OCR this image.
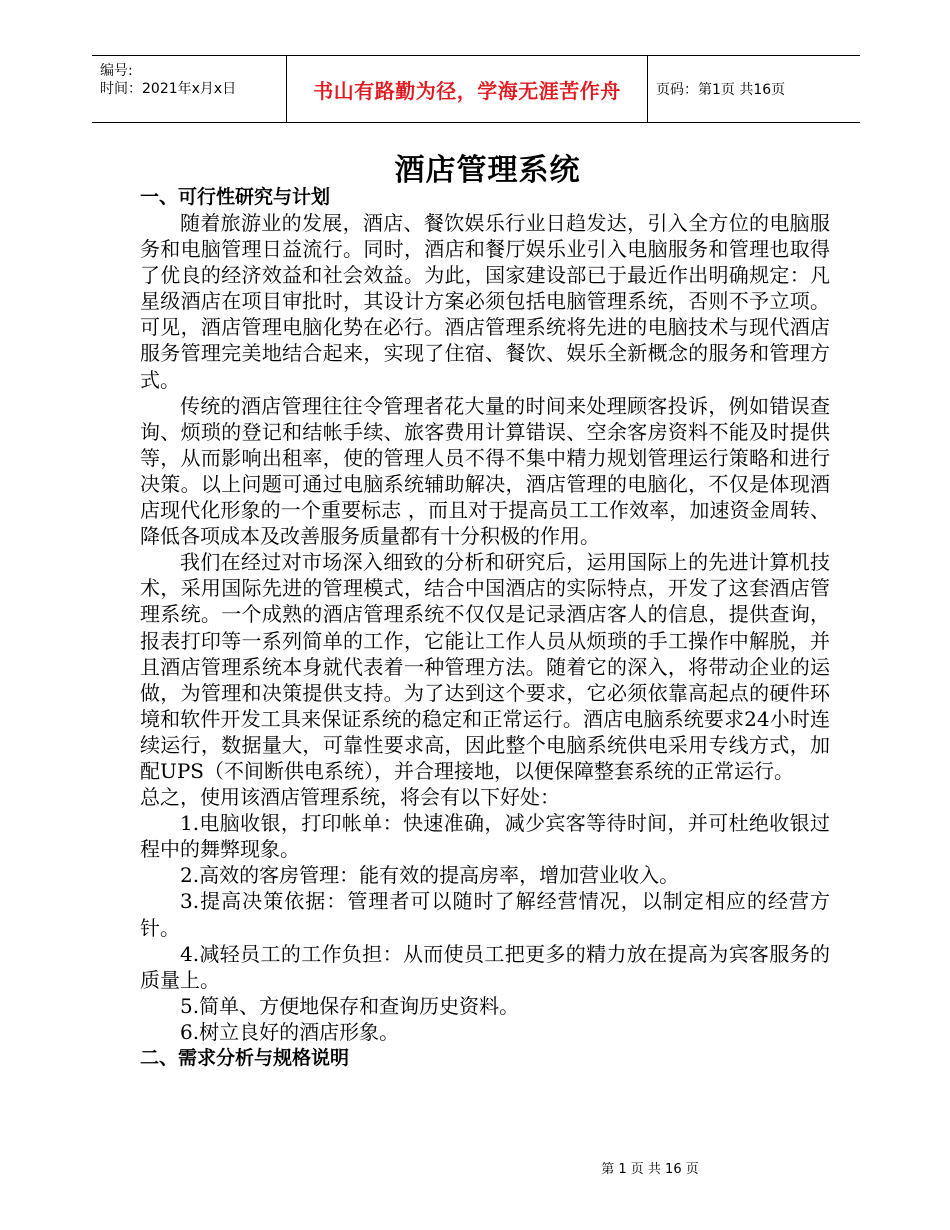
编号:
时间：2021年x月x日	书山有路勤为径，学海无涯苦作舟	页码：第1页 共16页
酒店管理系统
一、可行性研究与计划

随着旅游业的发展，酒店、餐饮娱乐行业日趋发达，引入全方位的电脑服务和电脑管理日益流行。同时，酒店和餐厅娱乐业引入电脑服务和管理也取得了优良的经济效益和社会效益。为此，国家建设部已于最近作出明确规定：凡星级酒店在项目审批时，其设计方案必须包括电脑管理系统，否则不予立项。可见，酒店管理电脑化势在必行。酒店管理系统将先进的电脑技术与现代酒店服务管理完美地结合起来，实现了住宿、餐饮、娱乐全新概念的服务和管理方式。

传统的酒店管理往往令管理者花大量的时间来处理顾客投诉，例如错误查询、烦琐的登记和结帐手续、旅客费用计算错误、空余客房资料不能及时提供等，从而影响出租率，使的管理人员不得不集中精力规划管理运行策略和进行决策。以上问题可通过电脑系统辅助解决，酒店管理的电脑化，不仅是体现酒店现代化形象的一个重要标志 ，而且对于提高员工工作效率，加速资金周转、降低各项成本及改善服务质量都有十分积极的作用。

我们在经过对市场深入细致的分析和研究后，运用国际上的先进计算机技术，采用国际先进的管理模式，结合中国酒店的实际特点，开发了这套酒店管理系统。一个成熟的酒店管理系统不仅仅是记录酒店客人的信息，提供查询，报表打印等一系列简单的工作，它能让工作人员从烦琐的手工操作中解脱，并且酒店管理系统本身就代表着一种管理方法。随着它的深入，将带动企业的运做，为管理和决策提供支持。为了达到这个要求，它必须依靠高起点的硬件环境和软件开发工具来保证系统的稳定和正常运行。酒店电脑系统要求24小时连续运行，数据量大，可靠性要求高，因此整个电脑系统供电采用专线方式，加配UPS（不间断供电系统），并合理接地，以便保障整套系统的正常运行。

总之，使用该酒店管理系统，将会有以下好处：

1.电脑收银，打印帐单：快速准确，减少宾客等待时间，并可杜绝收银过程中的舞弊现象。

2.高效的客房管理：能有效的提高房率，增加营业收入。

3.提高决策依据：管理者可以随时了解经营情况，以制定相应的经营方针。

4.减轻员工的工作负担：从而使员工把更多的精力放在提高为宾客服务的质量上。

5.简单、方便地保存和查询历史资料。

6.树立良好的酒店形象。

二、需求分析与规格说明
第 1 页 共 16 页
